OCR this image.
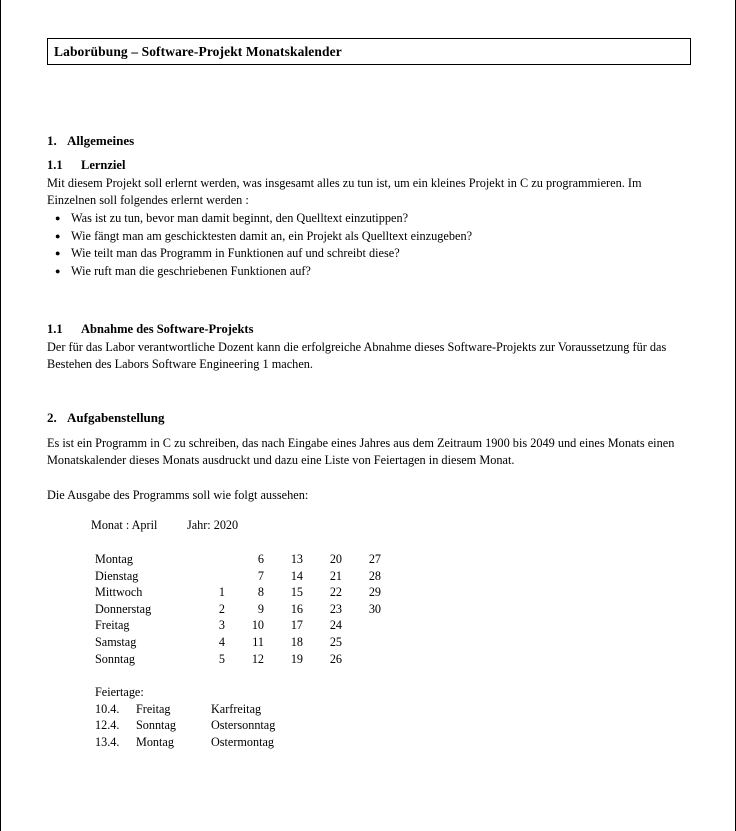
Laborübung – Software-Projekt Monatskalender
1. Allgemeines
1.1 Lernziel

Mit diesem Projekt soll erlernt werden, was insgesamt alles zu tun ist, um ein kleines Projekt in C zu programmieren. Im Einzelnen soll folgendes erlernt werden :

● Was ist zu tun, bevor man damit beginnt, den Quelltext einzutippen?
● Wie fängt man am geschicktesten damit an, ein Projekt als Quelltext einzugeben?
● Wie teilt man das Programm in Funktionen auf und schreibt diese?
● Wie ruft man die geschriebenen Funktionen auf?
1.1 Abnahme des Software-Projekts

Der für das Labor verantwortliche Dozent kann die erfolgreiche Abnahme dieses Software-Projekts zur Voraussetzung für das Bestehen des Labors Software Engineering 1 machen.

2. Aufgabenstellung

Es ist ein Programm in C zu schreiben, das nach Eingabe eines Jahres aus dem Zeitraum 1900 bis 2049 und eines Monats einen Monatskalender dieses Monats ausdruckt und dazu eine Liste von Feiertagen in diesem Monat.

Die Ausgabe des Programms soll wie folgt aussehen:

Monat : April Jahr: 2020
Montag		6	13	20	27
Dienstag		7	14	21	28
Mittwoch	1	8	15	22	29
Donnerstag	2	9	16	23	30
Freitag	3	10	17	24	
Samstag	4	11	18	25	
Sonntag	5	12	19	26	
Feiertage:
10.4. Freitag	Karfreitag
12.4. Sonntag	Ostersonntag
13.4. Montag	Ostermontag
